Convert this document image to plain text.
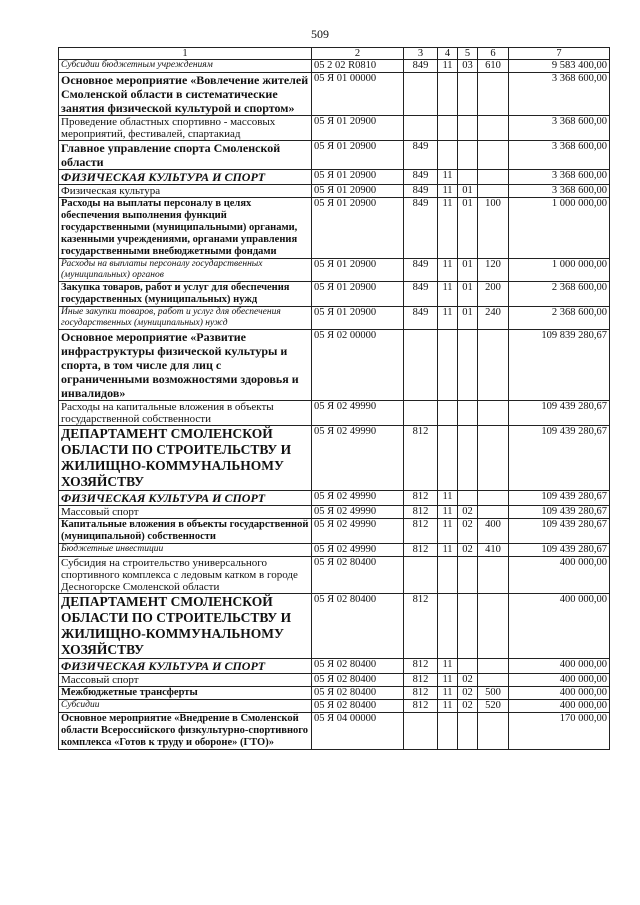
509
1	2	3	4	5	6	7
Субсидии бюджетным учреждениям	05 2 02 R0810	849	11	03	610	9 583 400,00
Основное мероприятие «Вовлечение жителей Смоленской области в систематические занятия физической культурой и спортом»	05 Я 01 00000					3 368 600,00
Проведение областных спортивно - массовых мероприятий, фестивалей, спартакиад	05 Я 01 20900					3 368 600,00
Главное управление спорта Смоленской области	05 Я 01 20900	849				3 368 600,00
ФИЗИЧЕСКАЯ КУЛЬТУРА И СПОРТ	05 Я 01 20900	849	11			3 368 600,00
Физическая культура	05 Я 01 20900	849	11	01		3 368 600,00
Расходы на выплаты персоналу в целях обеспечения выполнения функций государственными (муниципальными) органами, казенными учреждениями, органами управления государственными внебюджетными фондами	05 Я 01 20900	849	11	01	100	1 000 000,00
Расходы на выплаты персоналу государственных (муниципальных) органов	05 Я 01 20900	849	11	01	120	1 000 000,00
Закупка товаров, работ и услуг для обеспечения государственных (муниципальных) нужд	05 Я 01 20900	849	11	01	200	2 368 600,00
Иные закупки товаров, работ и услуг для обеспечения государственных (муниципальных) нужд	05 Я 01 20900	849	11	01	240	2 368 600,00
Основное мероприятие «Развитие инфраструктуры физической культуры и спорта, в том числе для лиц с ограниченными возможностями здоровья и инвалидов»	05 Я 02 00000					109 839 280,67
Расходы на капитальные вложения в объекты государственной собственности	05 Я 02 49990					109 439 280,67
ДЕПАРТАМЕНТ СМОЛЕНСКОЙ ОБЛАСТИ ПО СТРОИТЕЛЬСТВУ И ЖИЛИЩНО-КОММУНАЛЬНОМУ ХОЗЯЙСТВУ	05 Я 02 49990	812				109 439 280,67
ФИЗИЧЕСКАЯ КУЛЬТУРА И СПОРТ	05 Я 02 49990	812	11			109 439 280,67
Массовый спорт	05 Я 02 49990	812	11	02		109 439 280,67
Капитальные вложения в объекты государственной (муниципальной) собственности	05 Я 02 49990	812	11	02	400	109 439 280,67
Бюджетные инвестиции	05 Я 02 49990	812	11	02	410	109 439 280,67
Субсидия на строительство универсального спортивного комплекса с ледовым катком в городе Десногорске Смоленской области	05 Я 02 80400					400 000,00
ДЕПАРТАМЕНТ СМОЛЕНСКОЙ ОБЛАСТИ ПО СТРОИТЕЛЬСТВУ И ЖИЛИЩНО-КОММУНАЛЬНОМУ ХОЗЯЙСТВУ	05 Я 02 80400	812				400 000,00
ФИЗИЧЕСКАЯ КУЛЬТУРА И СПОРТ	05 Я 02 80400	812	11			400 000,00
Массовый спорт	05 Я 02 80400	812	11	02		400 000,00
Межбюджетные трансферты	05 Я 02 80400	812	11	02	500	400 000,00
Субсидии	05 Я 02 80400	812	11	02	520	400 000,00
Основное мероприятие «Внедрение в Смоленской области Всероссийского физкультурно-спортивного комплекса «Готов к труду и обороне» (ГТО)»	05 Я 04 00000					170 000,00
